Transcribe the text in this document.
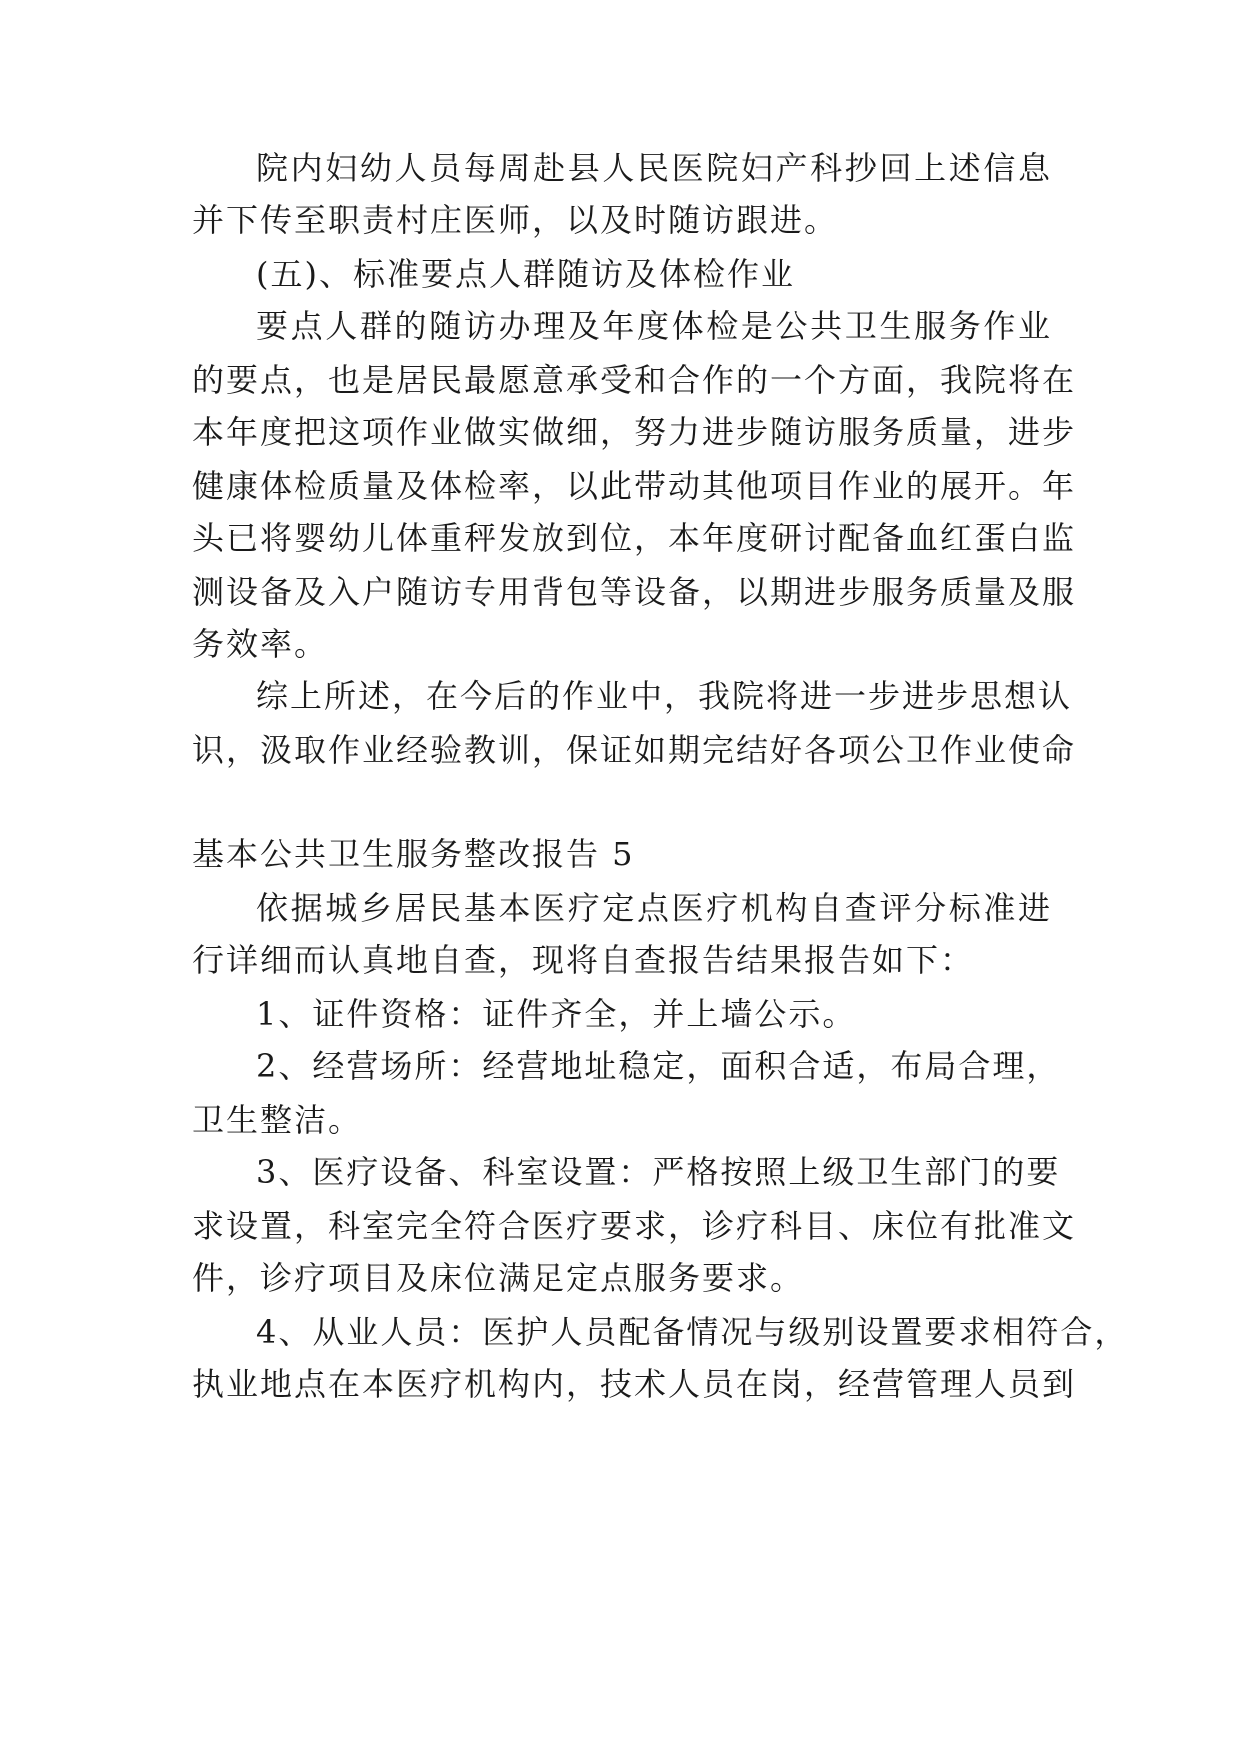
院内妇幼人员每周赴县人民医院妇产科抄回上述信息
并下传至职责村庄医师，以及时随访跟进。
(五)、标准要点人群随访及体检作业
要点人群的随访办理及年度体检是公共卫生服务作业
的要点，也是居民最愿意承受和合作的一个方面，我院将在
本年度把这项作业做实做细，努力进步随访服务质量，进步
健康体检质量及体检率，以此带动其他项目作业的展开。年
头已将婴幼儿体重秤发放到位，本年度研讨配备血红蛋白监
测设备及入户随访专用背包等设备，以期进步服务质量及服
务效率。
综上所述，在今后的作业中，我院将进一步进步思想认
识，汲取作业经验教训，保证如期完结好各项公卫作业使命
基本公共卫生服务整改报告 5
依据城乡居民基本医疗定点医疗机构自查评分标准进
行详细而认真地自查，现将自查报告结果报告如下：
1、证件资格：证件齐全，并上墙公示。
2、经营场所：经营地址稳定，面积合适，布局合理，
卫生整洁。
3、医疗设备、科室设置：严格按照上级卫生部门的要
求设置，科室完全符合医疗要求，诊疗科目、床位有批准文
件，诊疗项目及床位满足定点服务要求。
4、从业人员：医护人员配备情况与级别设置要求相符合，
执业地点在本医疗机构内，技术人员在岗，经营管理人员到
